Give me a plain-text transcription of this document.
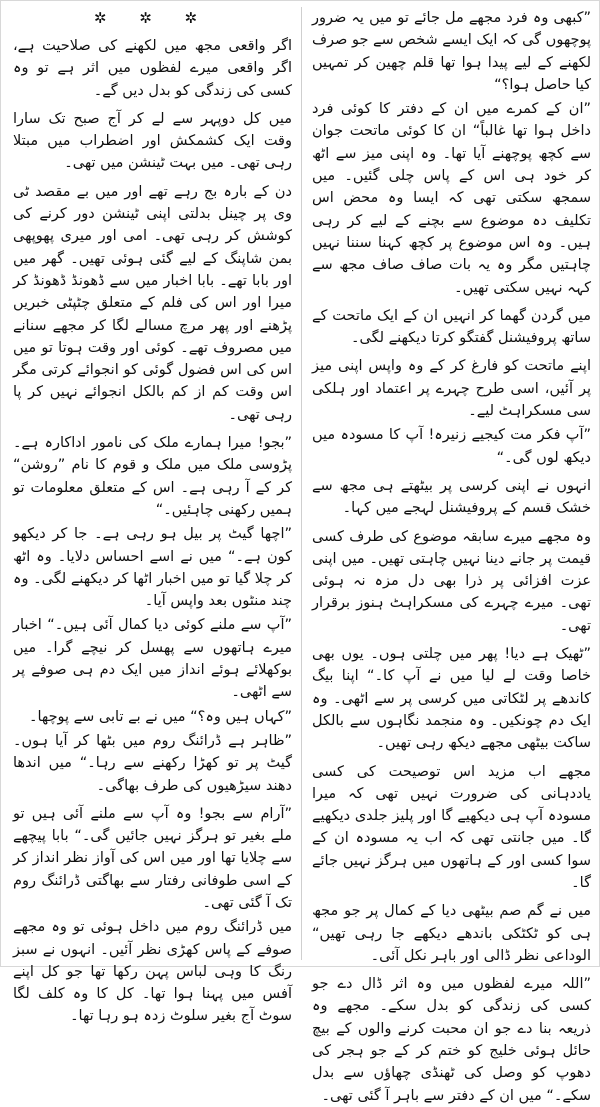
”کبھی وہ فرد مجھے مل جائے تو میں یہ ضرور پوچھوں گی کہ ایک ایسے شخص سے جو صرف لکھنے کے لیے پیدا ہوا تھا قلم چھین کر تمہیں کیا حاصل ہوا؟“

”ان کے کمرے میں ان کے دفتر کا کوئی فرد داخل ہوا تھا غالباً“ ان کا کوئی ماتحت جوان سے کچھ پوچھنے آیا تھا۔ وہ اپنی میز سے اٹھ کر خود ہی اس کے پاس چلی گئیں۔ میں سمجھ سکتی تھی کہ ایسا وہ محض اس تکلیف دہ موضوع سے بچنے کے لیے کر رہی ہیں۔ وہ اس موضوع پر کچھ کہنا سننا نہیں چاہتیں مگر وہ یہ بات صاف صاف مجھ سے کہہ نہیں سکتی تھیں۔

میں گردن گھما کر انہیں ان کے ایک ماتحت کے ساتھ پروفیشنل گفتگو کرتا دیکھنے لگی۔

اپنے ماتحت کو فارغ کر کے وہ واپس اپنی میز پر آئیں، اسی طرح چہرے پر اعتماد اور ہلکی سی مسکراہٹ لیے۔

”آپ فکر مت کیجیے زنیرہ! آپ کا مسودہ میں دیکھ لوں گی۔“

انہوں نے اپنی کرسی پر بیٹھتے ہی مجھ سے خشک قسم کے پروفیشنل لہجے میں کہا۔

وہ مجھے میرے سابقہ موضوع کی طرف کسی قیمت پر جانے دینا نہیں چاہتی تھیں۔ میں اپنی عزت افزائی پر ذرا بھی دل مزہ نہ ہوئی تھی۔ میرے چہرے کی مسکراہٹ ہنوز برقرار تھی۔

”ٹھیک ہے دیا! پھر میں چلتی ہوں۔ یوں بھی خاصا وقت لے لیا میں نے آپ کا۔“ اپنا بیگ کاندھے پر لٹکاتی میں کرسی پر سے اٹھی۔ وہ ایک دم چونکیں۔ وہ منجمد نگاہوں سے بالکل ساکت بیٹھی مجھے دیکھ رہی تھیں۔

مجھے اب مزید اس توصیحت کی کسی یاددہانی کی ضرورت نہیں تھی کہ میرا مسودہ آپ ہی دیکھیے گا اور پلیز جلدی دیکھیے گا۔ میں جانتی تھی کہ اب یہ مسودہ ان کے سوا کسی اور کے ہاتھوں میں ہرگز نہیں جائے گا۔

میں نے گم صم بیٹھی دیا کے کمال پر جو مجھ ہی کو ٹکٹکی باندھے دیکھے جا رہی تھیں“ الوداعی نظر ڈالی اور باہر نکل آئی۔

”اللہ میرے لفظوں میں وہ اثر ڈال دے جو کسی کی زندگی کو بدل سکے۔ مجھے وہ ذریعہ بنا دے جو ان محبت کرنے والوں کے بیچ حائل ہوئی خلیج کو ختم کر کے جو ہجر کی دھوپ کو وصل کی ٹھنڈی چھاؤں سے بدل سکے۔“ میں ان کے دفتر سے باہر آ گئی تھی۔

✲ ✲ ✲

اگر واقعی مجھ میں لکھنے کی صلاحیت ہے، اگر واقعی میرے لفظوں میں اثر ہے تو وہ کسی کی زندگی کو بدل دیں گے۔

میں کل دوپہر سے لے کر آج صبح تک سارا وقت ایک کشمکش اور اضطراب میں مبتلا رہی تھی۔ میں بہت ٹینشن میں تھی۔

دن کے بارہ بج رہے تھے اور میں بے مقصد ٹی وی پر چینل بدلتی اپنی ٹینشن دور کرنے کی کوشش کر رہی تھی۔ امی اور میری پھوپھی بمن شاپنگ کے لیے گئی ہوئی تھیں۔ گھر میں اور بابا تھے۔ بابا اخبار میں سے ڈھونڈ ڈھونڈ کر میرا اور اس کی فلم کے متعلق چٹپٹی خبریں پڑھنے اور پھر مرچ مسالے لگا کر مجھے سنانے میں مصروف تھے۔ کوئی اور وقت ہوتا تو میں اس کی اس فضول گوئی کو انجوائے کرتی مگر اس وقت کم از کم بالکل انجوائے نہیں کر پا رہی تھی۔

”بجو! میرا ہمارے ملک کی نامور اداکارہ ہے۔ پڑوسی ملک میں ملک و قوم کا نام ”روشن“ کر کے آ رہی ہے۔ اس کے متعلق معلومات تو ہمیں رکھنی چاہئیں۔“

”اچھا گیٹ پر بیل ہو رہی ہے۔ جا کر دیکھو کون ہے۔“ میں نے اسے احساس دلایا۔ وہ اٹھ کر چلا گیا تو میں اخبار اٹھا کر دیکھنے لگی۔ وہ چند منٹوں بعد واپس آیا۔

”آپ سے ملنے کوئی دیا کمال آئی ہیں۔“ اخبار میرے ہاتھوں سے پھسل کر نیچے گرا۔ میں بوکھلائے ہوئے انداز میں ایک دم ہی صوفے پر سے اٹھی۔

”کہاں ہیں وہ؟“ میں نے بے تابی سے پوچھا۔

”ظاہر ہے ڈرائنگ روم میں بٹھا کر آیا ہوں۔ گیٹ پر تو کھڑا رکھنے سے رہا۔“ میں اندھا دھند سیڑھیوں کی طرف بھاگی۔

”آرام سے بجو! وہ آپ سے ملنے آئی ہیں تو ملے بغیر تو ہرگز نہیں جائیں گی۔“ بابا پیچھے سے چلایا تھا اور میں اس کی آواز نظر انداز کر کے اسی طوفانی رفتار سے بھاگتی ڈرائنگ روم تک آ گئی تھی۔

میں ڈرائنگ روم میں داخل ہوئی تو وہ مجھے صوفے کے پاس کھڑی نظر آئیں۔ انہوں نے سبز رنگ کا وہی لباس پہن رکھا تھا جو کل اپنے آفس میں پہنا ہوا تھا۔ کل کا وہ کلف لگا سوٹ آج بغیر سلوٹ زدہ ہو رہا تھا۔
